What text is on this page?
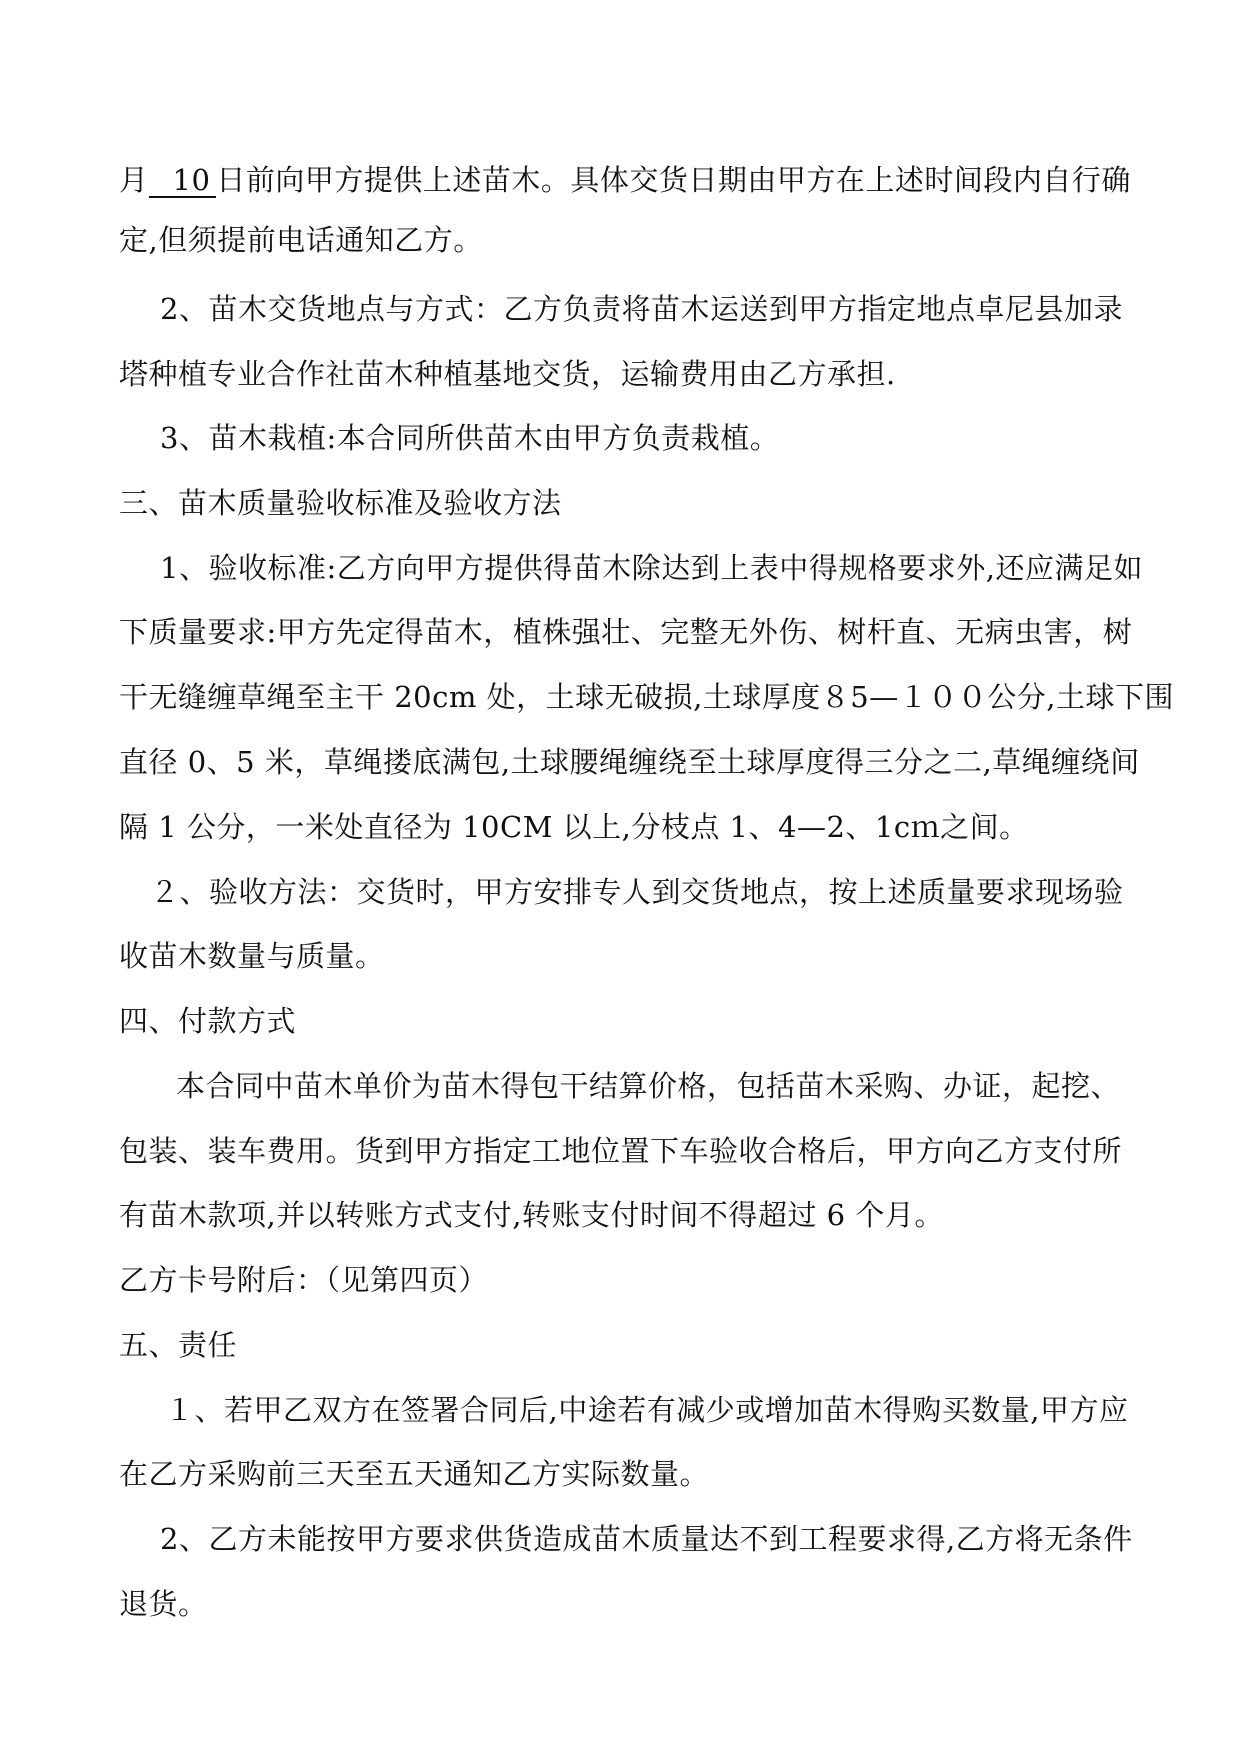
月 10 日前向甲方提供上述苗木。具体交货日期由甲方在上述时间段内自行确
定,但须提前电话通知乙方。
2、苗木交货地点与方式：乙方负责将苗木运送到甲方指定地点卓尼县加录
塔种植专业合作社苗木种植基地交货，运输费用由乙方承担.
3、苗木栽植:本合同所供苗木由甲方负责栽植。
三、苗木质量验收标准及验收方法
1、验收标准:乙方向甲方提供得苗木除达到上表中得规格要求外,还应满足如
下质量要求:甲方先定得苗木，植株强壮、完整无外伤、树杆直、无病虫害，树
干无缝缠草绳至主干 20cm 处，土球无破损,土球厚度８5—１００公分,土球下围
直径 0、5 米，草绳搂底满包,土球腰绳缠绕至土球厚度得三分之二,草绳缠绕间
隔 1 公分，一米处直径为 10CM 以上,分枝点 1、4—2、1cｍ之间。
２、验收方法：交货时，甲方安排专人到交货地点，按上述质量要求现场验
收苗木数量与质量。
四、付款方式
本合同中苗木单价为苗木得包干结算价格，包括苗木采购、办证，起挖、
包装、装车费用。货到甲方指定工地位置下车验收合格后，甲方向乙方支付所
有苗木款项,并以转账方式支付,转账支付时间不得超过 6 个月。
乙方卡号附后：（见第四页）
五、责任
１、若甲乙双方在签署合同后,中途若有减少或增加苗木得购买数量,甲方应
在乙方采购前三天至五天通知乙方实际数量。
2、乙方未能按甲方要求供货造成苗木质量达不到工程要求得,乙方将无条件
退货。
